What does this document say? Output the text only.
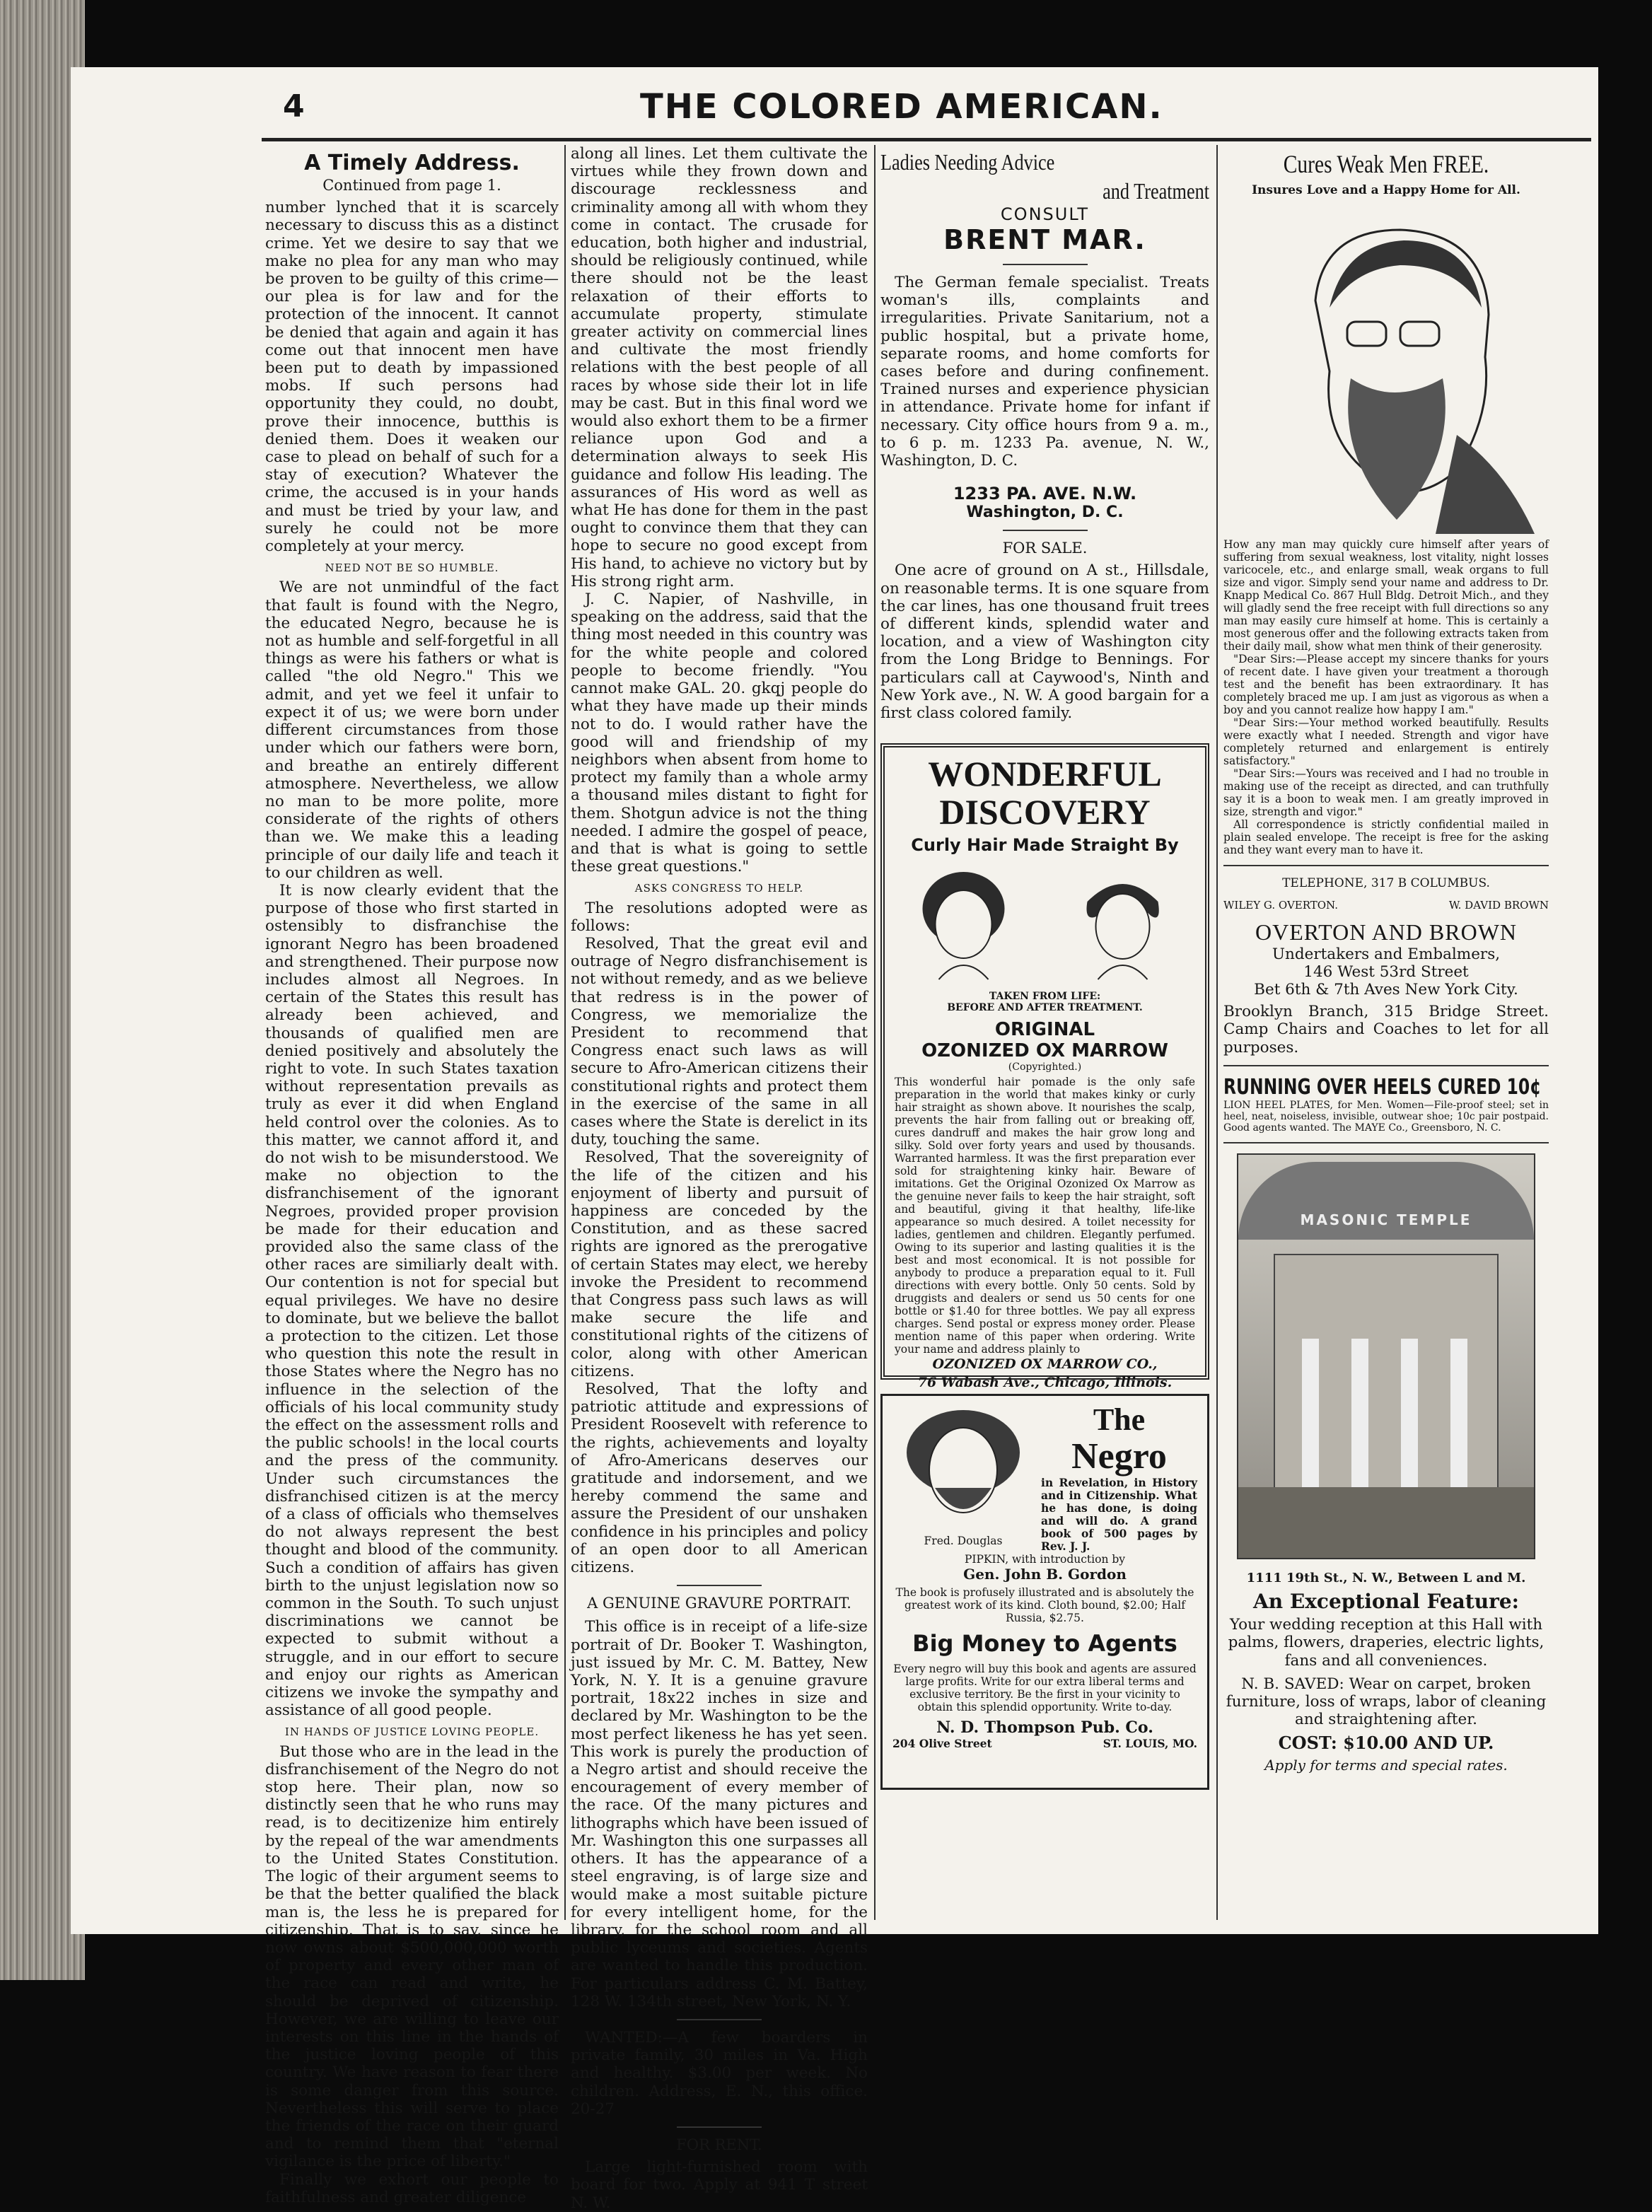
4	THE COLORED AMERICAN.
A Timely Address.
Continued from page 1.

number lynched that it is scarcely necessary to discuss this as a distinct crime. Yet we desire to say that we make no plea for any man who may be proven to be guilty of this crime—our plea is for law and for the protection of the innocent. It cannot be denied that again and again it has come out that innocent men have been put to death by impassioned mobs. If such persons had opportunity they could, no doubt, prove their innocence, butthis is denied them. Does it weaken our case to plead on behalf of such for a stay of execution? Whatever the crime, the accused is in your hands and must be tried by your law, and surely he could not be more completely at your mercy.

NEED NOT BE SO HUMBLE.

We are not unmindful of the fact that fault is found with the Negro, the educated Negro, because he is not as humble and self-forgetful in all things as were his fathers or what is called "the old Negro." This we admit, and yet we feel it unfair to expect it of us; we were born under different circumstances from those under which our fathers were born, and breathe an entirely different atmosphere. Nevertheless, we allow no man to be more polite, more considerate of the rights of others than we. We make this a leading principle of our daily life and teach it to our children as well.

It is now clearly evident that the purpose of those who first started in ostensibly to disfranchise the ignorant Negro has been broadened and strengthened. Their purpose now includes almost all Negroes. In certain of the States this result has already been achieved, and thousands of qualified men are denied positively and absolutely the right to vote. In such States taxation without representation prevails as truly as ever it did when England held control over the colonies. As to this matter, we cannot afford it, and do not wish to be misunderstood. We make no objection to the disfranchisement of the ignorant Negroes, provided proper provision be made for their education and provided also the same class of the other races are similiarly dealt with. Our contention is not for special but equal privileges. We have no desire to dominate, but we believe the ballot a protection to the citizen. Let those who question this note the result in those States where the Negro has no influence in the selection of the officials of his local community study the effect on the assessment rolls and the public schools! in the local courts and the press of the community. Under such circumstances the disfranchised citizen is at the mercy of a class of officials who themselves do not always represent the best thought and blood of the community. Such a condition of affairs has given birth to the unjust legislation now so common in the South. To such unjust discriminations we cannot be expected to submit without a struggle, and in our effort to secure and enjoy our rights as American citizens we invoke the sympathy and assistance of all good people.

IN HANDS OF JUSTICE LOVING PEOPLE.

But those who are in the lead in the disfranchisement of the Negro do not stop here. Their plan, now so distinctly seen that he who runs may read, is to decitizenize him entirely by the repeal of the war amendments to the United States Constitution. The logic of their argument seems to be that the better qualified the black man is, the less he is prepared for citizenship. That is to say, since he now owns about $500,000,000 worth of property and every other man of the race can read and write, he should be deprived of citizenship. However, we are willing to leave our interests on this line in the hands of the justice loving people of this country. We have reason to fear there is some danger from this source. Nevertheless this will serve to place the friends of the race on their guard and to remind them that "eternal vigilance is the price of liberty."

Finally we exhort our people to faithfulness and greater diligence

along all lines. Let them cultivate the virtues while they frown down and discourage recklessness and criminality among all with whom they come in contact. The crusade for education, both higher and industrial, should be religiously continued, while there should not be the least relaxation of their efforts to accumulate property, stimulate greater activity on commercial lines and cultivate the most friendly relations with the best people of all races by whose side their lot in life may be cast. But in this final word we would also exhort them to be a firmer reliance upon God and a determination always to seek His guidance and follow His leading. The assurances of His word as well as what He has done for them in the past ought to convince them that they can hope to secure no good except from His hand, to achieve no victory but by His strong right arm.

J. C. Napier, of Nashville, in speaking on the address, said that the thing most needed in this country was for the white people and colored people to become friendly. "You cannot make GAL. 20. gkqj people do what they have made up their minds not to do. I would rather have the good will and friendship of my neighbors when absent from home to protect my family than a whole army a thousand miles distant to fight for them. Shotgun advice is not the thing needed. I admire the gospel of peace, and that is what is going to settle these great questions."

ASKS CONGRESS TO HELP.

The resolutions adopted were as follows:

Resolved, That the great evil and outrage of Negro disfranchisement is not without remedy, and as we believe that redress is in the power of Congress, we memorialize the President to recommend that Congress enact such laws as will secure to Afro-American citizens their constitutional rights and protect them in the exercise of the same in all cases where the State is derelict in its duty, touching the same.

Resolved, That the sovereignity of the life of the citizen and his enjoyment of liberty and pursuit of happiness are conceded by the Constitution, and as these sacred rights are ignored as the prerogative of certain States may elect, we hereby invoke the President to recommend that Congress pass such laws as will make secure the life and constitutional rights of the citizens of color, along with other American citizens.

Resolved, That the lofty and patriotic attitude and expressions of President Roosevelt with reference to the rights, achievements and loyalty of Afro-Americans deserves our gratitude and indorsement, and we hereby commend the same and assure the President of our unshaken confidence in his principles and policy of an open door to all American citizens.

A GENUINE GRAVURE PORTRAIT.

This office is in receipt of a life-size portrait of Dr. Booker T. Washington, just issued by Mr. C. M. Battey, New York, N. Y. It is a genuine gravure portrait, 18x22 inches in size and declared by Mr. Washington to be the most perfect likeness he has yet seen. This work is purely the production of a Negro artist and should receive the encouragement of every member of the race. Of the many pictures and lithographs which have been issued of Mr. Washington this one surpasses all others. It has the appearance of a steel engraving, is of large size and would make a most suitable picture for every intelligent home, for the library, for the school room and all public lyceums and societies. Agents are wanted to handle this production. For particulars address C. M. Battey, 128 W. 134th street, New York, N. Y.

WANTED:—A few boarders in private family, 30 miles in Va. High and healthy. $3.00 per week. No children. Address, E. N., this office. 20-27

FOR RENT.

Large light-furnished room with board for two. Apply at 941 T street N. W.

Ladies Needing Advice
and Treatment
CONSULT
BRENT MAR.

The German female specialist. Treats woman's ills, complaints and irregularities. Private Sanitarium, not a public hospital, but a private home, separate rooms, and home comforts for cases before and during confinement. Trained nurses and experience physician in attendance. Private home for infant if necessary. City office hours from 9 a. m., to 6 p. m. 1233 Pa. avenue, N. W., Washington, D. C.

1233 PA. AVE. N.W.
Washington, D. C.
FOR SALE.

One acre of ground on A st., Hillsdale, on reasonable terms. It is one square from the car lines, has one thousand fruit trees of different kinds, splendid water and location, and a view of Washington city from the Long Bridge to Bennings. For particulars call at Caywood's, Ninth and New York ave., N. W. A good bargain for a first class colored family.

WONDERFUL
DISCOVERY
Curly Hair Made Straight By
TAKEN FROM LIFE:
BEFORE AND AFTER TREATMENT.
ORIGINAL
OZONIZED OX MARROW
(Copyrighted.)
This wonderful hair pomade is the only safe preparation in the world that makes kinky or curly hair straight as shown above. It nourishes the scalp, prevents the hair from falling out or breaking off, cures dandruff and makes the hair grow long and silky. Sold over forty years and used by thousands. Warranted harmless. It was the first preparation ever sold for straightening kinky hair. Beware of imitations. Get the Original Ozonized Ox Marrow as the genuine never fails to keep the hair straight, soft and beautiful, giving it that healthy, life-like appearance so much desired. A toilet necessity for ladies, gentlemen and children. Elegantly perfumed. Owing to its superior and lasting qualities it is the best and most economical. It is not possible for anybody to produce a preparation equal to it. Full directions with every bottle. Only 50 cents. Sold by druggists and dealers or send us 50 cents for one bottle or $1.40 for three bottles. We pay all express charges. Send postal or express money order. Please mention name of this paper when ordering. Write your name and address plainly to
OZONIZED OX MARROW CO.,
76 Wabash Ave., Chicago, Illinois.
Fred. Douglas
The
Negro
in Revelation, in History and in Citizenship. What he has done, is doing and will do. A grand book of 500 pages by Rev. J. J.
PIPKIN, with introduction by
Gen. John B. Gordon
The book is profusely illustrated and is absolutely the greatest work of its kind. Cloth bound, $2.00; Half Russia, $2.75.
Big Money to Agents
Every negro will buy this book and agents are assured large profits. Write for our extra liberal terms and exclusive territory. Be the first in your vicinity to obtain this splendid opportunity. Write to-day.
N. D. Thompson Pub. Co.
204 Olive Street	ST. LOUIS, MO.
Cures Weak Men FREE.
Insures Love and a Happy Home for All.
How any man may quickly cure himself after years of suffering from sexual weakness, lost vitality, night losses varicocele, etc., and enlarge small, weak organs to full size and vigor. Simply send your name and address to Dr. Knapp Medical Co. 867 Hull Bldg. Detroit Mich., and they will gladly send the free receipt with full directions so any man may easily cure himself at home. This is certainly a most generous offer and the following extracts taken from their daily mail, show what men think of their generosity.
"Dear Sirs:—Please accept my sincere thanks for yours of recent date. I have given your treatment a thorough test and the benefit has been extraordinary. It has completely braced me up. I am just as vigorous as when a boy and you cannot realize how happy I am."
"Dear Sirs:—Your method worked beautifully. Results were exactly what I needed. Strength and vigor have completely returned and enlargement is entirely satisfactory."
"Dear Sirs:—Yours was received and I had no trouble in making use of the receipt as directed, and can truthfully say it is a boon to weak men. I am greatly improved in size, strength and vigor."
All correspondence is strictly confidential mailed in plain sealed envelope. The receipt is free for the asking and they want every man to have it.
TELEPHONE, 317 B COLUMBUS.
WILEY G. OVERTON.	W. DAVID BROWN
OVERTON AND BROWN
Undertakers and Embalmers,
146 West 53rd Street
Bet 6th & 7th Aves New York City.
Brooklyn Branch, 315 Bridge Street. Camp Chairs and Coaches to let for all purposes.
RUNNING OVER HEELS CURED 10¢
LION HEEL PLATES, for Men. Women—File-proof steel; set in heel, neat, noiseless, invisible, outwear shoe; 10c pair postpaid. Good agents wanted. The MAYE Co., Greensboro, N. C.
MASONIC TEMPLE
1111 19th St., N. W., Between L and M.
An Exceptional Feature:

Your wedding reception at this Hall with palms, flowers, draperies, electric lights, fans and all conveniences.

N. B. SAVED: Wear on carpet, broken furniture, loss of wraps, labor of cleaning and straightening after.

COST: $10.00 AND UP.
Apply for terms and special rates.
